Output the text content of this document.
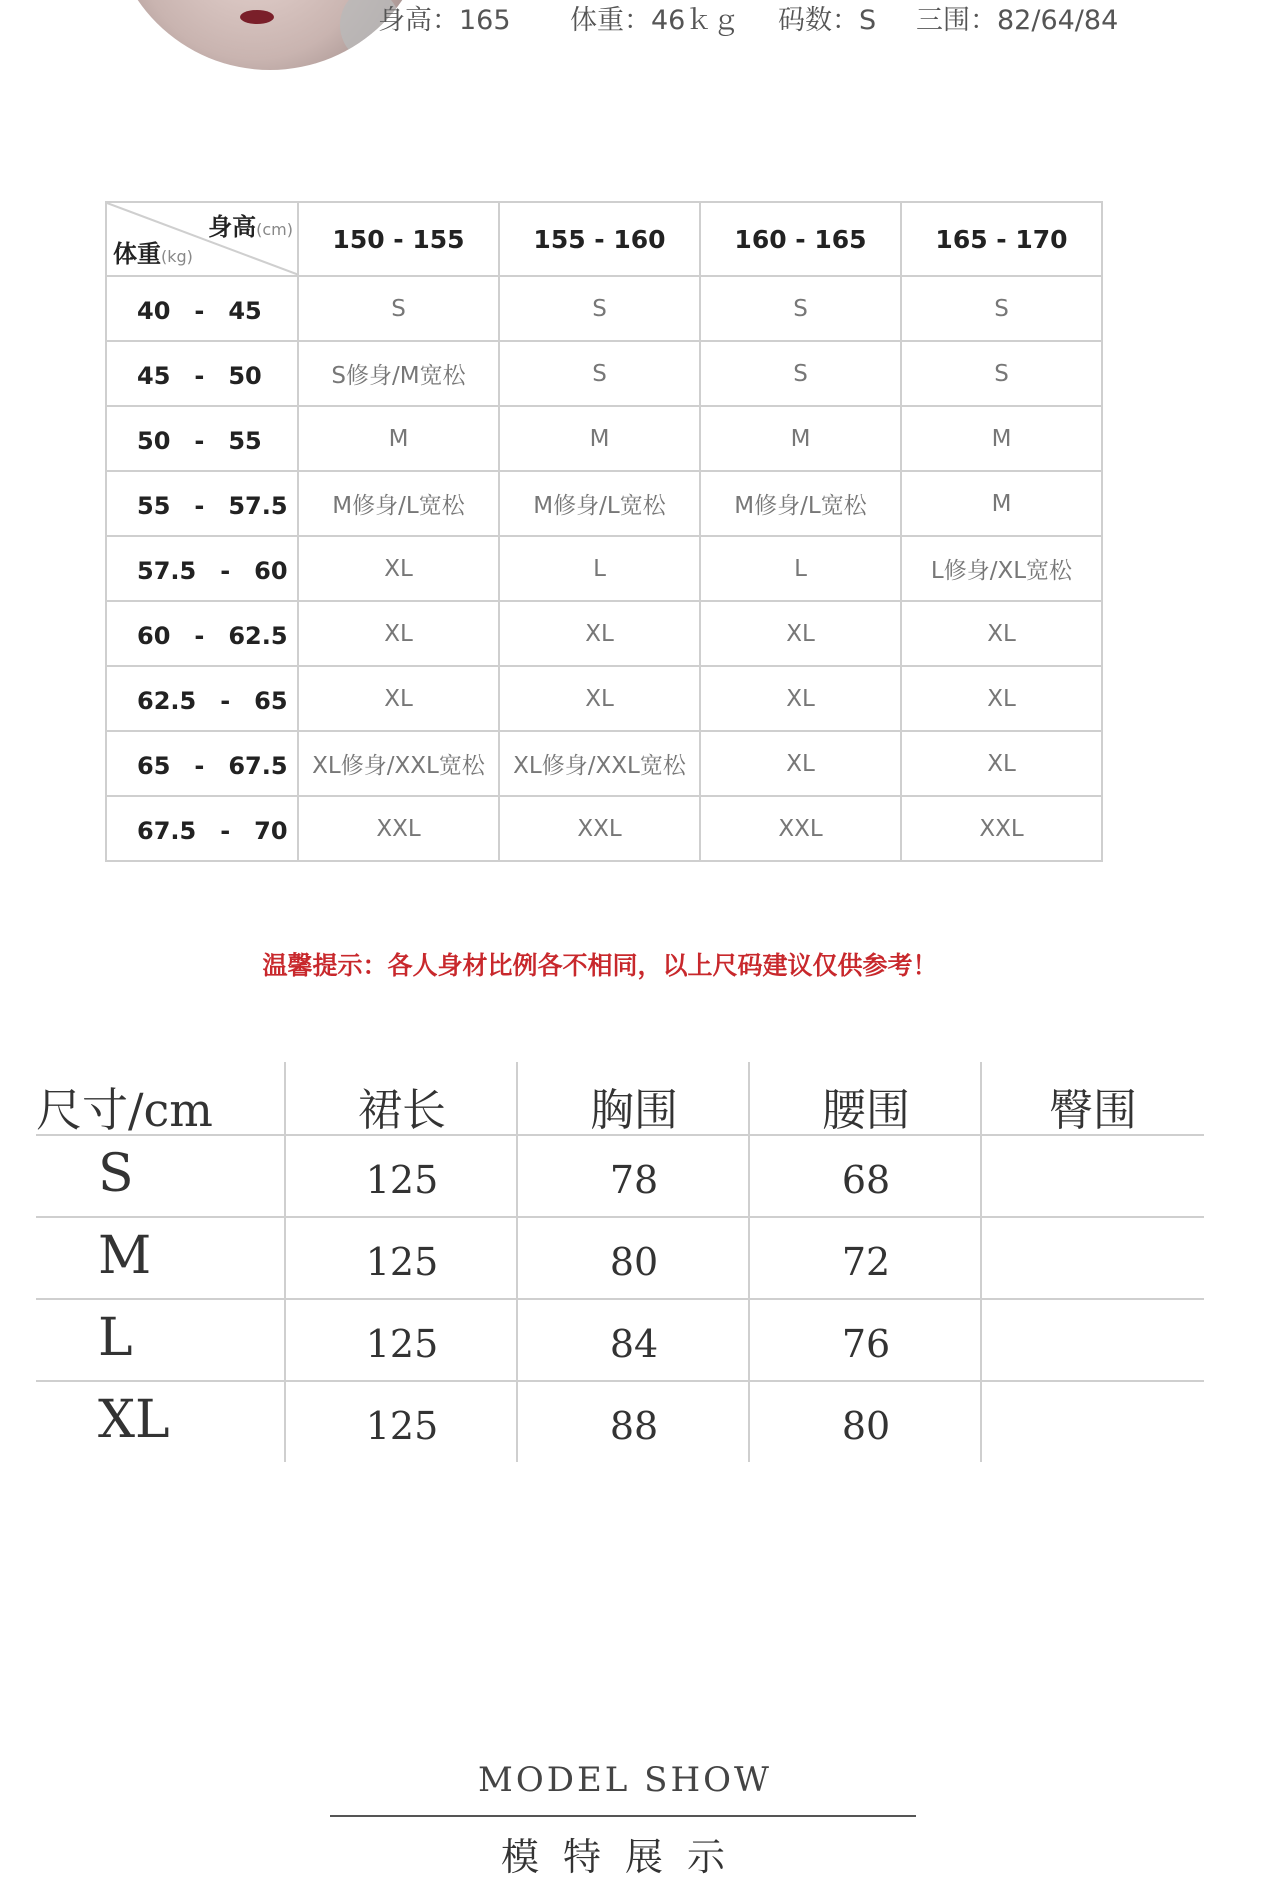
身高：165 体重：46ｋｇ 码数：S 三围：82/64/84
身高(cm)
体重(kg)	150 - 155	155 - 160	160 - 165	165 - 170
40　-　45	S	S	S	S
45　-　50	S修身/M宽松	S	S	S
50　-　55	M	M	M	M
55　-　57.5	M修身/L宽松	M修身/L宽松	M修身/L宽松	M
57.5　-　60	XL	L	L	L修身/XL宽松
60　-　62.5	XL	XL	XL	XL
62.5　-　65	XL	XL	XL	XL
65　-　67.5	XL修身/XXL宽松	XL修身/XXL宽松	XL	XL
67.5　-　70	XXL	XXL	XXL	XXL
温馨提示：各人身材比例各不相同，以上尺码建议仅供参考！
尺寸/cm	裙长	胸围	腰围	臀围
S	125	78	68
M	125	80	72
L	125	84	76
XL	125	88	80
MODEL SHOW
模特展示
